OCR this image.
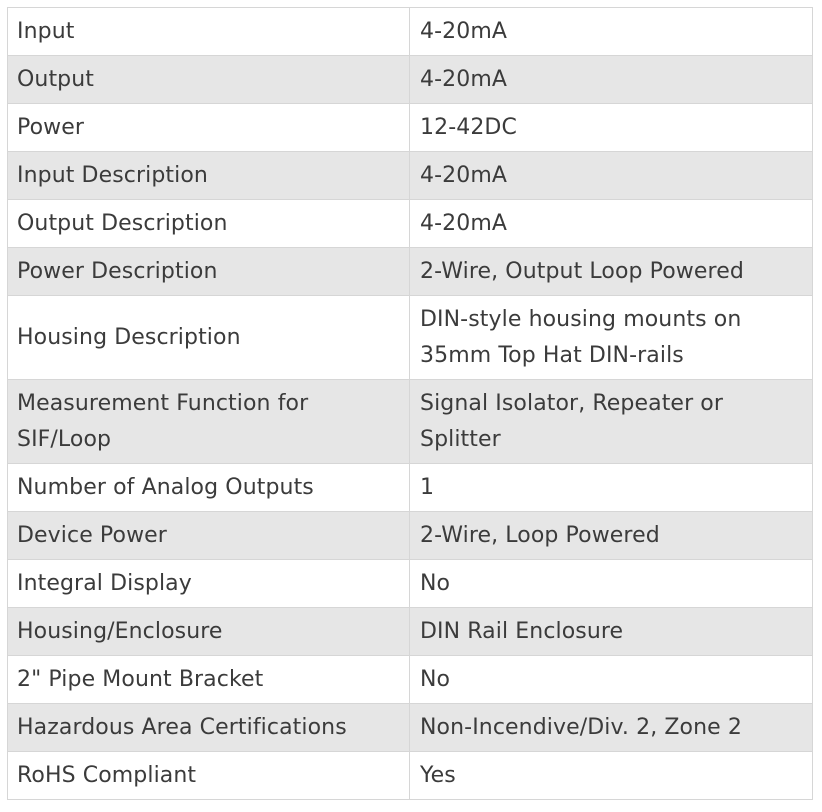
Input	4-20mA
Output	4-20mA
Power	12-42DC
Input Description	4-20mA
Output Description	4-20mA
Power Description	2-Wire, Output Loop Powered
Housing Description	DIN-style housing mounts on 35mm Top Hat DIN-rails
Measurement Function for SIF/Loop	Signal Isolator, Repeater or Splitter
Number of Analog Outputs	1
Device Power	2-Wire, Loop Powered
Integral Display	No
Housing/Enclosure	DIN Rail Enclosure
2" Pipe Mount Bracket	No
Hazardous Area Certifications	Non-Incendive/Div. 2, Zone 2
RoHS Compliant	Yes
